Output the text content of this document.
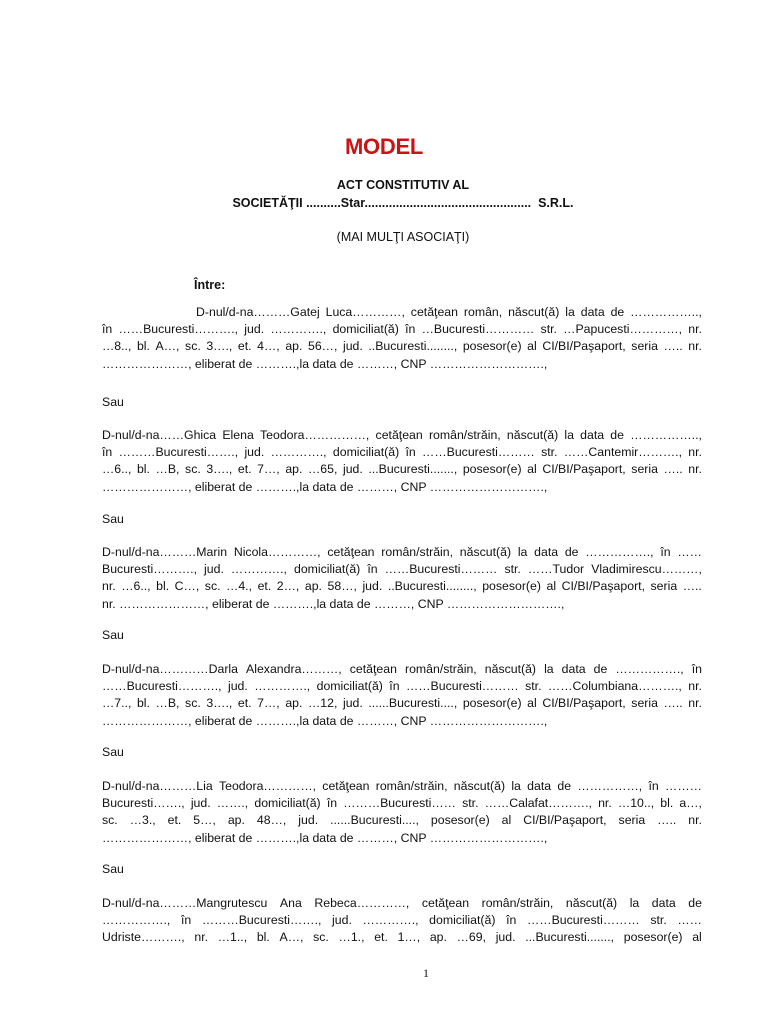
MODEL
ACT CONSTITUTIV AL
SOCIETĂŢII ..........Star................................................  S.R.L.
(MAI MULŢI ASOCIAŢI)
Între:
D-nul/d-na………Gatej Luca…………, cetăţean român, născut(ă) la data de ……………..,
în ……Bucuresti………., jud. …………., domiciliat(ă) în …Bucuresti………… str. …Papucesti…………, nr.
…8.., bl. A…, sc. 3…., et. 4…, ap. 56…, jud. ..Bucuresti........, posesor(e) al CI/BI/Paşaport, seria ….. nr.
…………………, eliberat de ……….,la data de ………, CNP ……………………….,
Sau
D-nul/d-na……Ghica Elena Teodora……………, cetăţean român/străin, născut(ă) la data de ……………..,
în ………Bucuresti……., jud. …………., domiciliat(ă) în ……Bucuresti……… str. ……Cantemir………., nr.
…6.., bl. …B, sc. 3…., et. 7…, ap. …65, jud. ...Bucuresti......., posesor(e) al CI/BI/Paşaport, seria ….. nr.
…………………, eliberat de ……….,la data de ………, CNP ……………………….,
Sau
D-nul/d-na………Marin Nicola…………, cetăţean român/străin, născut(ă) la data de ……………., în ……
Bucuresti………., jud. …………., domiciliat(ă) în ……Bucuresti……… str. ……Tudor Vladimirescu………,
nr. …6.., bl. C…, sc. …4., et. 2…, ap. 58…, jud. ..Bucuresti........, posesor(e) al CI/BI/Paşaport, seria …..
nr. …………………, eliberat de ……….,la data de ………, CNP ……………………….,
Sau
D-nul/d-na…………Darla Alexandra………, cetăţean român/străin, născut(ă) la data de ……………., în
……Bucuresti………., jud. …………., domiciliat(ă) în ……Bucuresti……… str. ……Columbiana………., nr.
…7.., bl. …B, sc. 3…., et. 7…, ap. …12, jud. ......Bucuresti...., posesor(e) al CI/BI/Paşaport, seria ….. nr.
…………………, eliberat de ……….,la data de ………, CNP ……………………….,
Sau
D-nul/d-na………Lia Teodora…………, cetăţean român/străin, născut(ă) la data de ……………, în ………
Bucuresti……., jud. ……., domiciliat(ă) în ………Bucuresti…… str. ……Calafat………., nr. …10.., bl. a…,
sc. …3., et. 5…, ap. 48…, jud. ......Bucuresti...., posesor(e) al CI/BI/Paşaport, seria ….. nr.
…………………, eliberat de ……….,la data de ………, CNP ……………………….,
Sau
D-nul/d-na………Mangrutescu Ana Rebeca…………, cetăţean român/străin, născut(ă) la data de
……………., în ………Bucuresti……., jud. …………., domiciliat(ă) în ……Bucuresti……… str. ……
Udriste………., nr. …1.., bl. A…, sc. …1., et. 1…, ap. …69, jud. ...Bucuresti......., posesor(e) al
1
